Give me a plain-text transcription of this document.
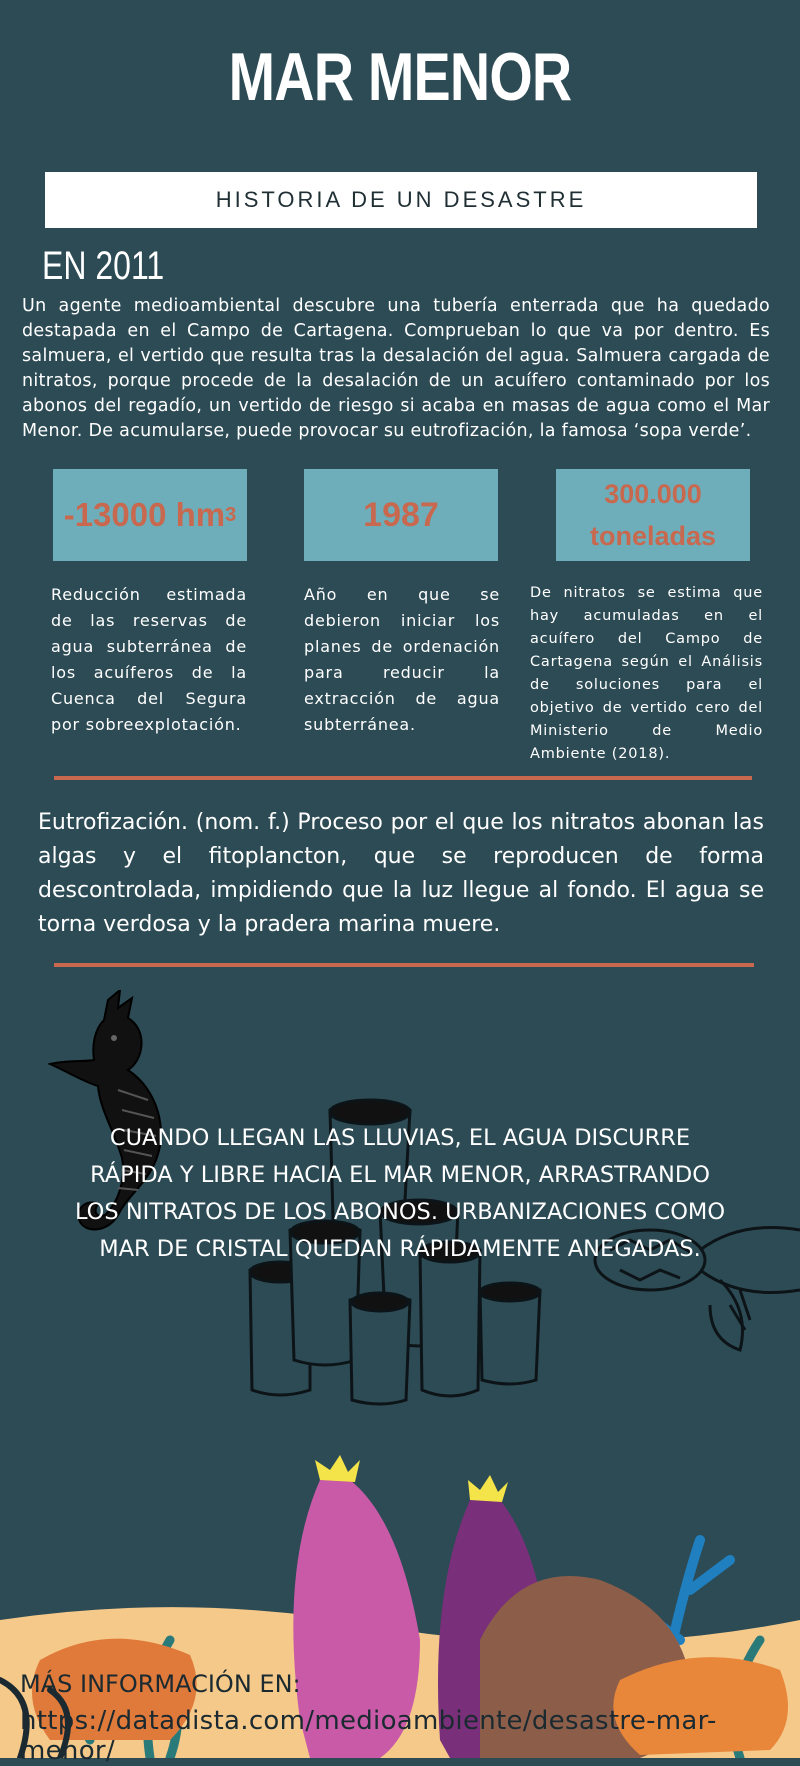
MAR MENOR
HISTORIA DE UN DESASTRE
EN 2011
Un agente medioambiental descubre una tubería enterrada que ha quedado destapada en el Campo de Cartagena. Comprueban lo que va por dentro. Es salmuera, el vertido que resulta tras la desalación del agua. Salmuera cargada de nitratos, porque procede de la desalación de un acuífero contaminado por los abonos del regadío, un vertido de riesgo si acaba en masas de agua como el Mar Menor. De acumularse, puede provocar su eutrofización, la famosa ‘sopa verde’.
-13000 hm 3	1987
300.000
toneladas
Reducción estimada de las reservas de agua subterránea de los acuíferos de la Cuenca del Segura por sobreexplotación.
Año en que se debieron iniciar los planes de ordenación para reducir la extracción de agua subterránea.
De nitratos se estima que hay acumuladas en el acuífero del Campo de Cartagena según el Análisis de soluciones para el objetivo de vertido cero del Ministerio de Medio Ambiente (2018).
Eutrofización. (nom. f.) Proceso por el que los nitratos abonan las algas y el fitoplancton, que se reproducen de forma descontrolada, impidiendo que la luz llegue al fondo. El agua se torna verdosa y la pradera marina muere.
CUANDO LLEGAN LAS LLUVIAS, EL AGUA DISCURRE RÁPIDA Y LIBRE HACIA EL MAR MENOR, ARRASTRANDO LOS NITRATOS DE LOS ABONOS. URBANIZACIONES COMO MAR DE CRISTAL QUEDAN RÁPIDAMENTE ANEGADAS.
MÁS INFORMACIÓN EN:
https://datadista.com/medioambiente/desastre-mar-menor/
